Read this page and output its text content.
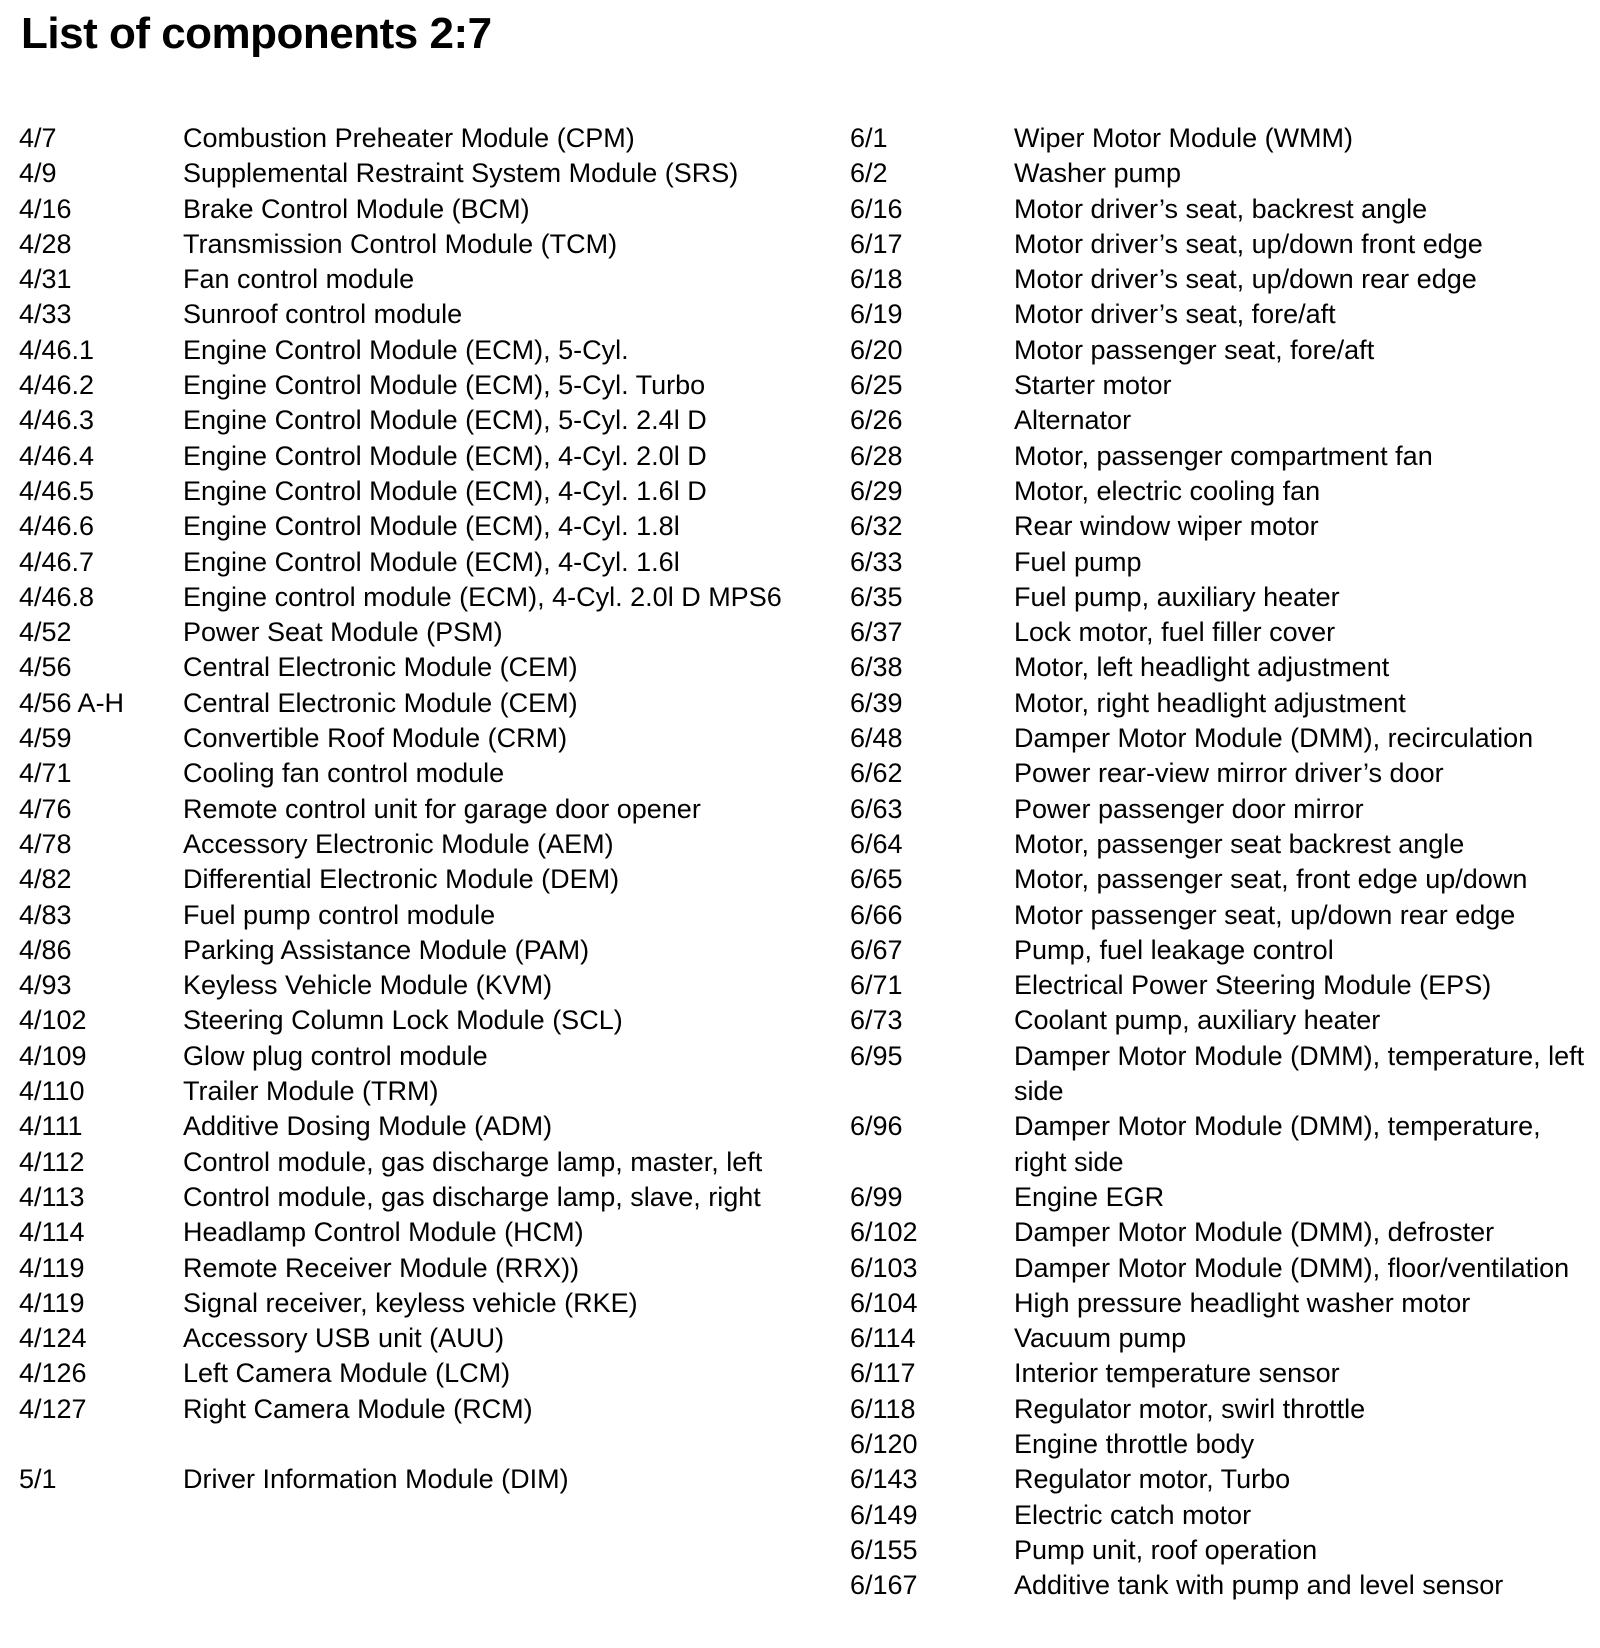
List of components 2:7
4/7	Combustion Preheater Module (CPM)
4/9	Supplemental Restraint System Module (SRS)
4/16	Brake Control Module (BCM)
4/28	Transmission Control Module (TCM)
4/31	Fan control module
4/33	Sunroof control module
4/46.1	Engine Control Module (ECM), 5-Cyl.
4/46.2	Engine Control Module (ECM), 5-Cyl. Turbo
4/46.3	Engine Control Module (ECM), 5-Cyl. 2.4l D
4/46.4	Engine Control Module (ECM), 4-Cyl. 2.0l D
4/46.5	Engine Control Module (ECM), 4-Cyl. 1.6l D
4/46.6	Engine Control Module (ECM), 4-Cyl. 1.8l
4/46.7	Engine Control Module (ECM), 4-Cyl. 1.6l
4/46.8	Engine control module (ECM), 4-Cyl. 2.0l D MPS6
4/52	Power Seat Module (PSM)
4/56	Central Electronic Module (CEM)
4/56 A-H	Central Electronic Module (CEM)
4/59	Convertible Roof Module (CRM)
4/71	Cooling fan control module
4/76	Remote control unit for garage door opener
4/78	Accessory Electronic Module (AEM)
4/82	Differential Electronic Module (DEM)
4/83	Fuel pump control module
4/86	Parking Assistance Module (PAM)
4/93	Keyless Vehicle Module (KVM)
4/102	Steering Column Lock Module (SCL)
4/109	Glow plug control module
4/110	Trailer Module (TRM)
4/111	Additive Dosing Module (ADM)
4/112	Control module, gas discharge lamp, master, left
4/113	Control module, gas discharge lamp, slave, right
4/114	Headlamp Control Module (HCM)
4/119	Remote Receiver Module (RRX))
4/119	Signal receiver, keyless vehicle (RKE)
4/124	Accessory USB unit (AUU)
4/126	Left Camera Module (LCM)
4/127	Right Camera Module (RCM)
5/1	Driver Information Module (DIM)
6/1	Wiper Motor Module (WMM)
6/2	Washer pump
6/16	Motor driver’s seat, backrest angle
6/17	Motor driver’s seat, up/down front edge
6/18	Motor driver’s seat, up/down rear edge
6/19	Motor driver’s seat, fore/aft
6/20	Motor passenger seat, fore/aft
6/25	Starter motor
6/26	Alternator
6/28	Motor, passenger compartment fan
6/29	Motor, electric cooling fan
6/32	Rear window wiper motor
6/33	Fuel pump
6/35	Fuel pump, auxiliary heater
6/37	Lock motor, fuel filler cover
6/38	Motor, left headlight adjustment
6/39	Motor, right headlight adjustment
6/48	Damper Motor Module (DMM), recirculation
6/62	Power rear-view mirror driver’s door
6/63	Power passenger door mirror
6/64	Motor, passenger seat backrest angle
6/65	Motor, passenger seat, front edge up/down
6/66	Motor passenger seat, up/down rear edge
6/67	Pump, fuel leakage control
6/71	Electrical Power Steering Module (EPS)
6/73	Coolant pump, auxiliary heater
6/95	Damper Motor Module (DMM), temperature, left side
6/96	Damper Motor Module (DMM), temperature, right side
6/99	Engine EGR
6/102	Damper Motor Module (DMM), defroster
6/103	Damper Motor Module (DMM), floor/ventilation
6/104	High pressure headlight washer motor
6/114	Vacuum pump
6/117	Interior temperature sensor
6/118	Regulator motor, swirl throttle
6/120	Engine throttle body
6/143	Regulator motor, Turbo
6/149	Electric catch motor
6/155	Pump unit, roof operation
6/167	Additive tank with pump and level sensor
